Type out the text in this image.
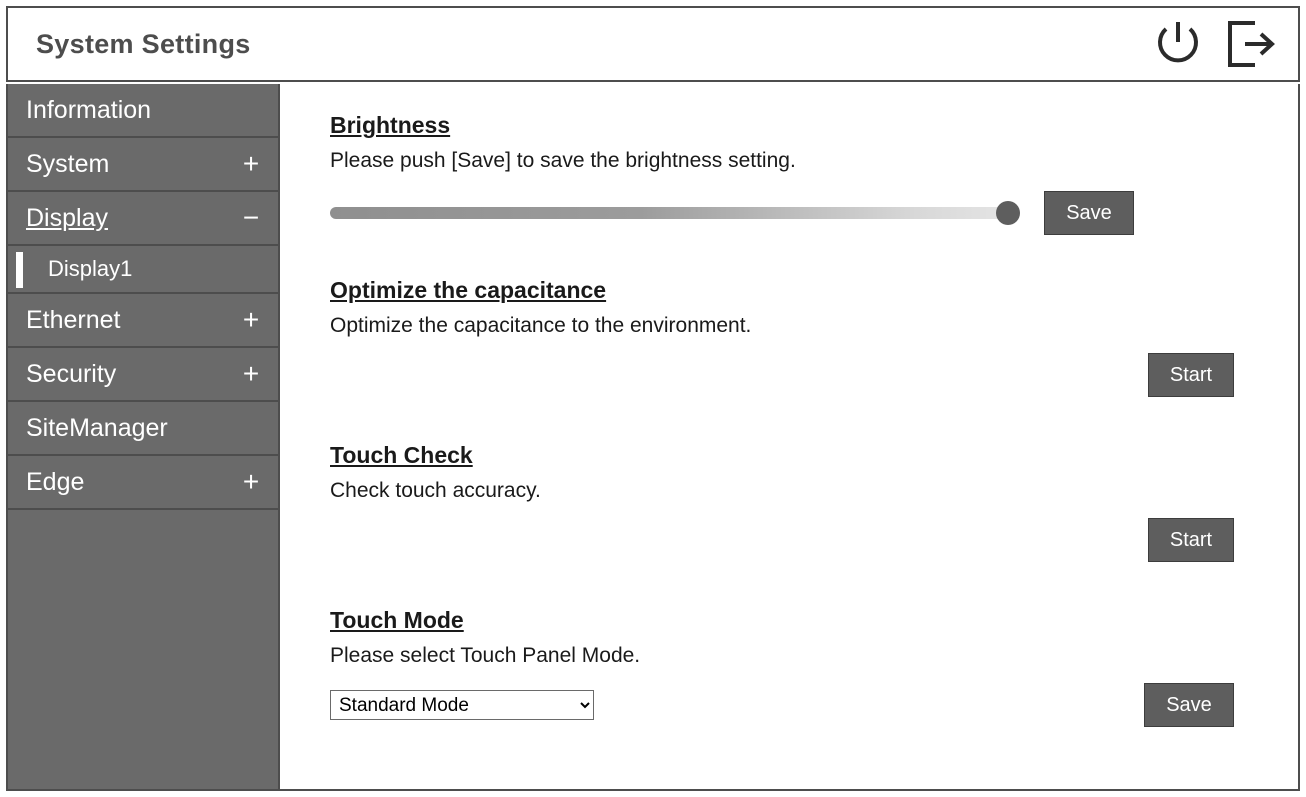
System Settings
Information
System	+
Display	−
Display1
Ethernet	+
Security	+
SiteManager
Edge	+
Brightness

Please push [Save] to save the brightness setting.

Save
Optimize the capacitance

Optimize the capacitance to the environment.

Start
Touch Check

Check touch accuracy.

Start
Touch Mode

Please select Touch Panel Mode.

Standard Mode
Save
